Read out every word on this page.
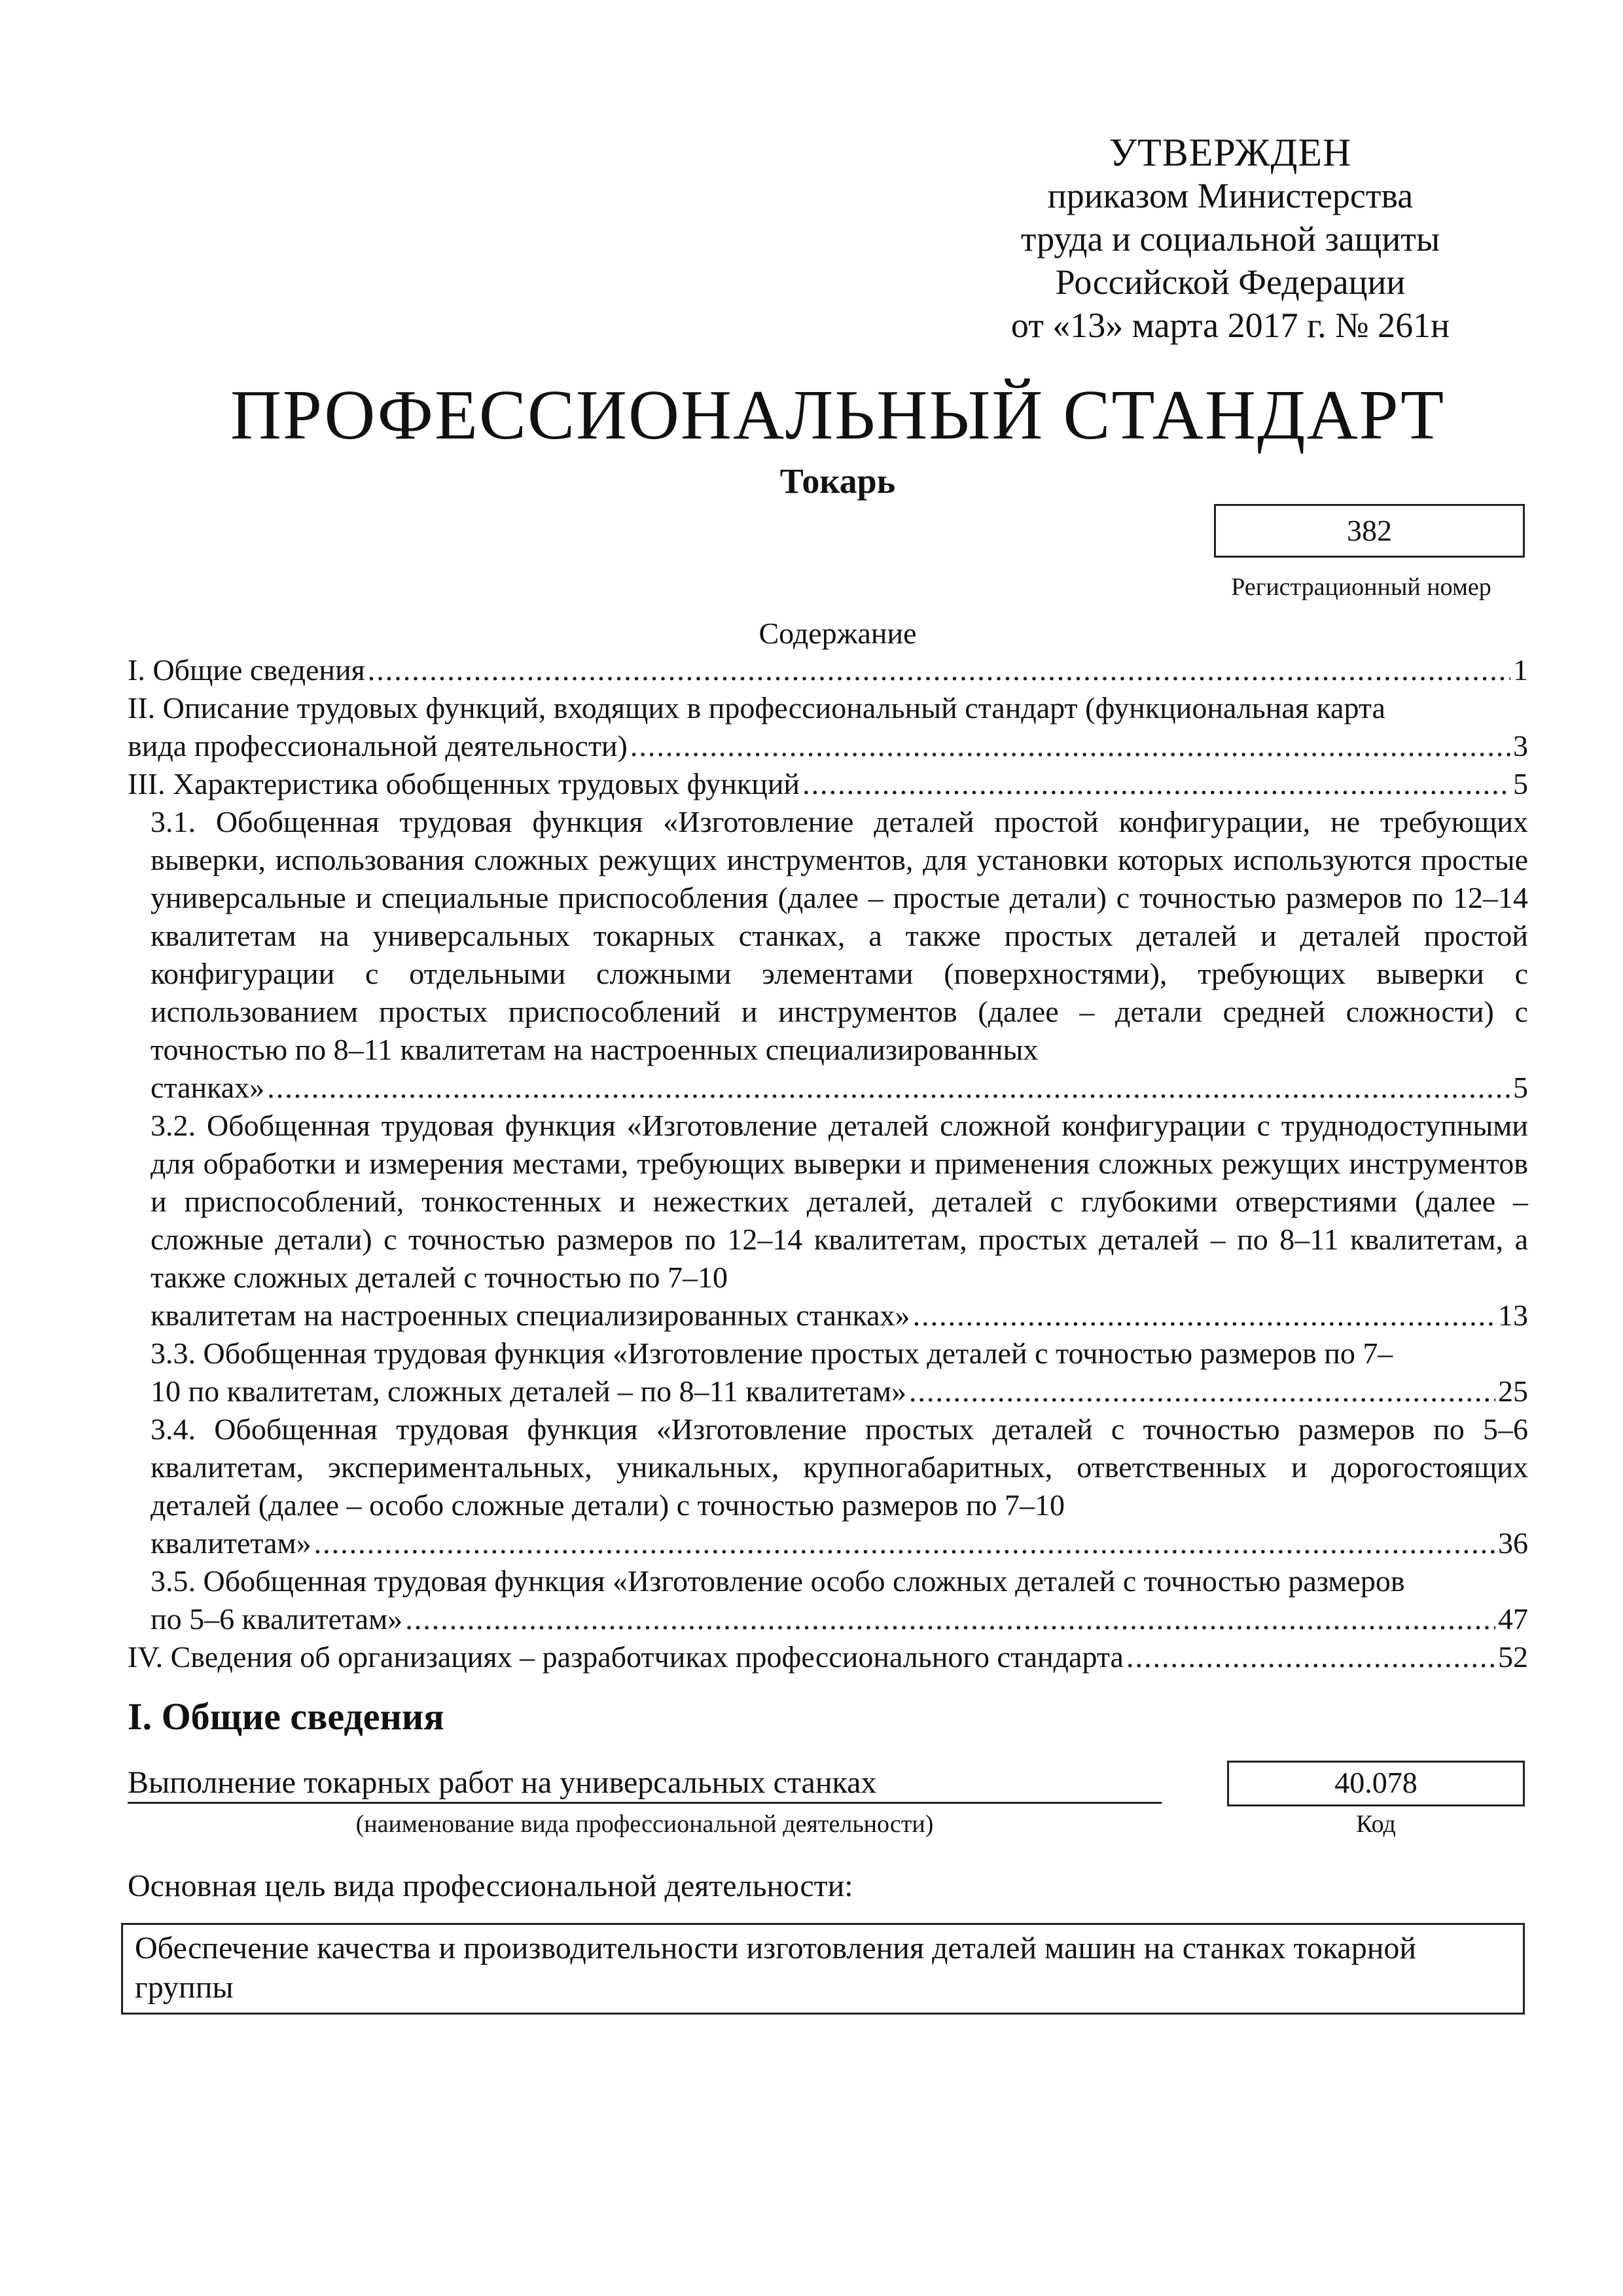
УТВЕРЖДЕН
приказом Министерства
труда и социальной защиты
Российской Федерации
от «13» марта 2017 г. № 261н
ПРОФЕССИОНАЛЬНЫЙ СТАНДАРТ
Токарь
382
Регистрационный номер
Содержание
I. Общие сведения .....	1
II. Описание трудовых функций, входящих в профессиональный стандарт (функциональная карта
вида профессиональной деятельности) .....	3
III. Характеристика обобщенных трудовых функций .....	5
3.1. Обобщенная трудовая функция «Изготовление деталей простой конфигурации, не требующих выверки, использования сложных режущих инструментов, для установки которых используются простые универсальные и специальные приспособления (далее – простые детали) с точностью размеров по 12–14 квалитетам на универсальных токарных станках, а также простых деталей и деталей простой конфигурации с отдельными сложными элементами (поверхностями), требующих выверки с использованием простых приспособлений и инструментов (далее – детали средней сложности) с точностью по 8–11 квалитетам на настроенных специализированных
станках» .....	5
3.2. Обобщенная трудовая функция «Изготовление деталей сложной конфигурации с труднодоступными для обработки и измерения местами, требующих выверки и применения сложных режущих инструментов и приспособлений, тонкостенных и нежестких деталей, деталей с глубокими отверстиями (далее – сложные детали) с точностью размеров по 12–14 квалитетам, простых деталей – по 8–11 квалитетам, а также сложных деталей с точностью по 7–10
квалитетам на настроенных специализированных станках» .....	13
3.3. Обобщенная трудовая функция «Изготовление простых деталей с точностью размеров по 7–
10 по квалитетам, сложных деталей – по 8–11 квалитетам» .....	25
3.4. Обобщенная трудовая функция «Изготовление простых деталей с точностью размеров по 5–6 квалитетам, экспериментальных, уникальных, крупногабаритных, ответственных и дорогостоящих деталей (далее – особо сложные детали) с точностью размеров по 7–10
квалитетам» .....	36
3.5. Обобщенная трудовая функция «Изготовление особо сложных деталей с точностью размеров
по 5–6 квалитетам» .....	47
IV. Сведения об организациях – разработчиках профессионального стандарта .....	52
I. Общие сведения
Выполнение токарных работ на универсальных станках
(наименование вида профессиональной деятельности)
40.078
Код
Основная цель вида профессиональной деятельности:
Обеспечение качества и производительности изготовления деталей машин на станках токарной группы
